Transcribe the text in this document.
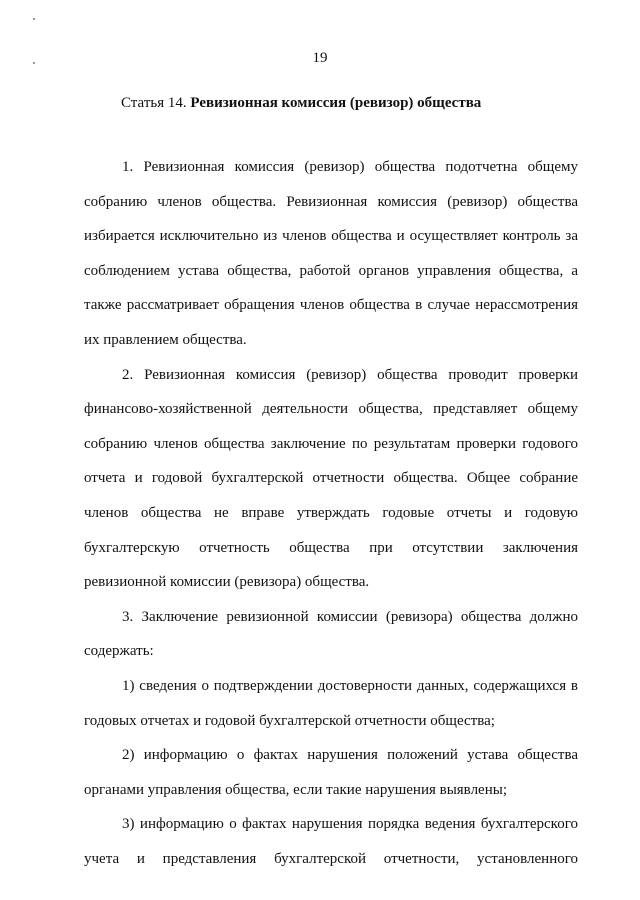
19
Статья 14. Ревизионная комиссия (ревизор) общества

1. Ревизионная комиссия (ревизор) общества подотчетна общему собранию членов общества. Ревизионная комиссия (ревизор) общества избирается исключительно из членов общества и осуществляет контроль за соблюдением устава общества, работой органов управления общества, а также рассматривает обращения членов общества в случае нерассмотрения их правлением общества.

2. Ревизионная комиссия (ревизор) общества проводит проверки финансово-хозяйственной деятельности общества, представляет общему собранию членов общества заключение по результатам проверки годового отчета и годовой бухгалтерской отчетности общества. Общее собрание членов общества не вправе утверждать годовые отчеты и годовую бухгалтерскую отчетность общества при отсутствии заключения ревизионной комиссии (ревизора) общества.

3. Заключение ревизионной комиссии (ревизора) общества должно содержать:

1) сведения о подтверждении достоверности данных, содержащихся в годовых отчетах и годовой бухгалтерской отчетности общества;

2) информацию о фактах нарушения положений устава общества органами управления общества, если такие нарушения выявлены;

3) информацию о фактах нарушения порядка ведения бухгалтерского учета и представления бухгалтерской отчетности, установленного
